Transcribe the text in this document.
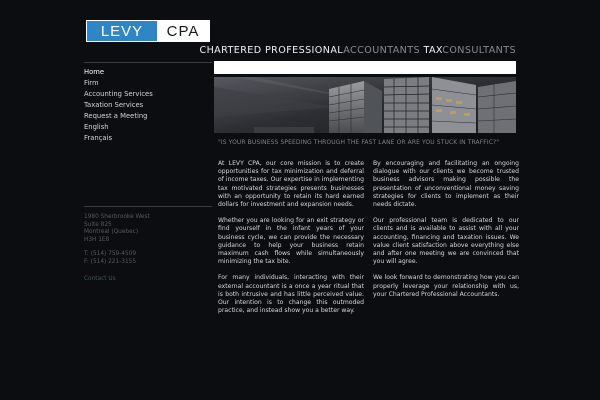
LEVY	CPA
CHARTERED PROFESSIONALACCOUNTANTS TAXCONSULTANTS
Home
Firm
Accounting Services
Taxation Services
Request a Meeting
English
Français
1980 Sherbrooke West
Suite 825
Montreal (Quebec)
H3H 1E8
T: (514) 759-4509
F: (514) 221-3155
Contact Us
"IS YOUR BUSINESS SPEEDING THROUGH THE FAST LANE OR ARE YOU STUCK IN TRAFFIC?"

At LEVY CPA, our core mission is to create opportunities for tax minimization and deferral of income taxes. Our expertise in implementing tax motivated strategies presents businesses with an opportunity to retain its hard earned dollars for investment and expansion needs.

Whether you are looking for an exit strategy or find yourself in the infant years of your business cycle, we can provide the necessary guidance to help your business retain maximum cash flows while simultaneously minimizing the tax bite.

For many individuals, interacting with their external accountant is a once a year ritual that is both intrusive and has little perceived value. Our intention is to change this outmoded practice, and instead show you a better way.

By encouraging and facilitating an ongoing dialogue with our clients we become trusted business advisors making possible the presentation of unconventional money saving strategies for clients to implement as their needs dictate.

Our professional team is dedicated to our clients and is available to assist with all your accounting, financing and taxation issues. We value client satisfaction above everything else and after one meeting we are convinced that you will agree.

We look forward to demonstrating how you can properly leverage your relationship with us, your Chartered Professional Accountants.
